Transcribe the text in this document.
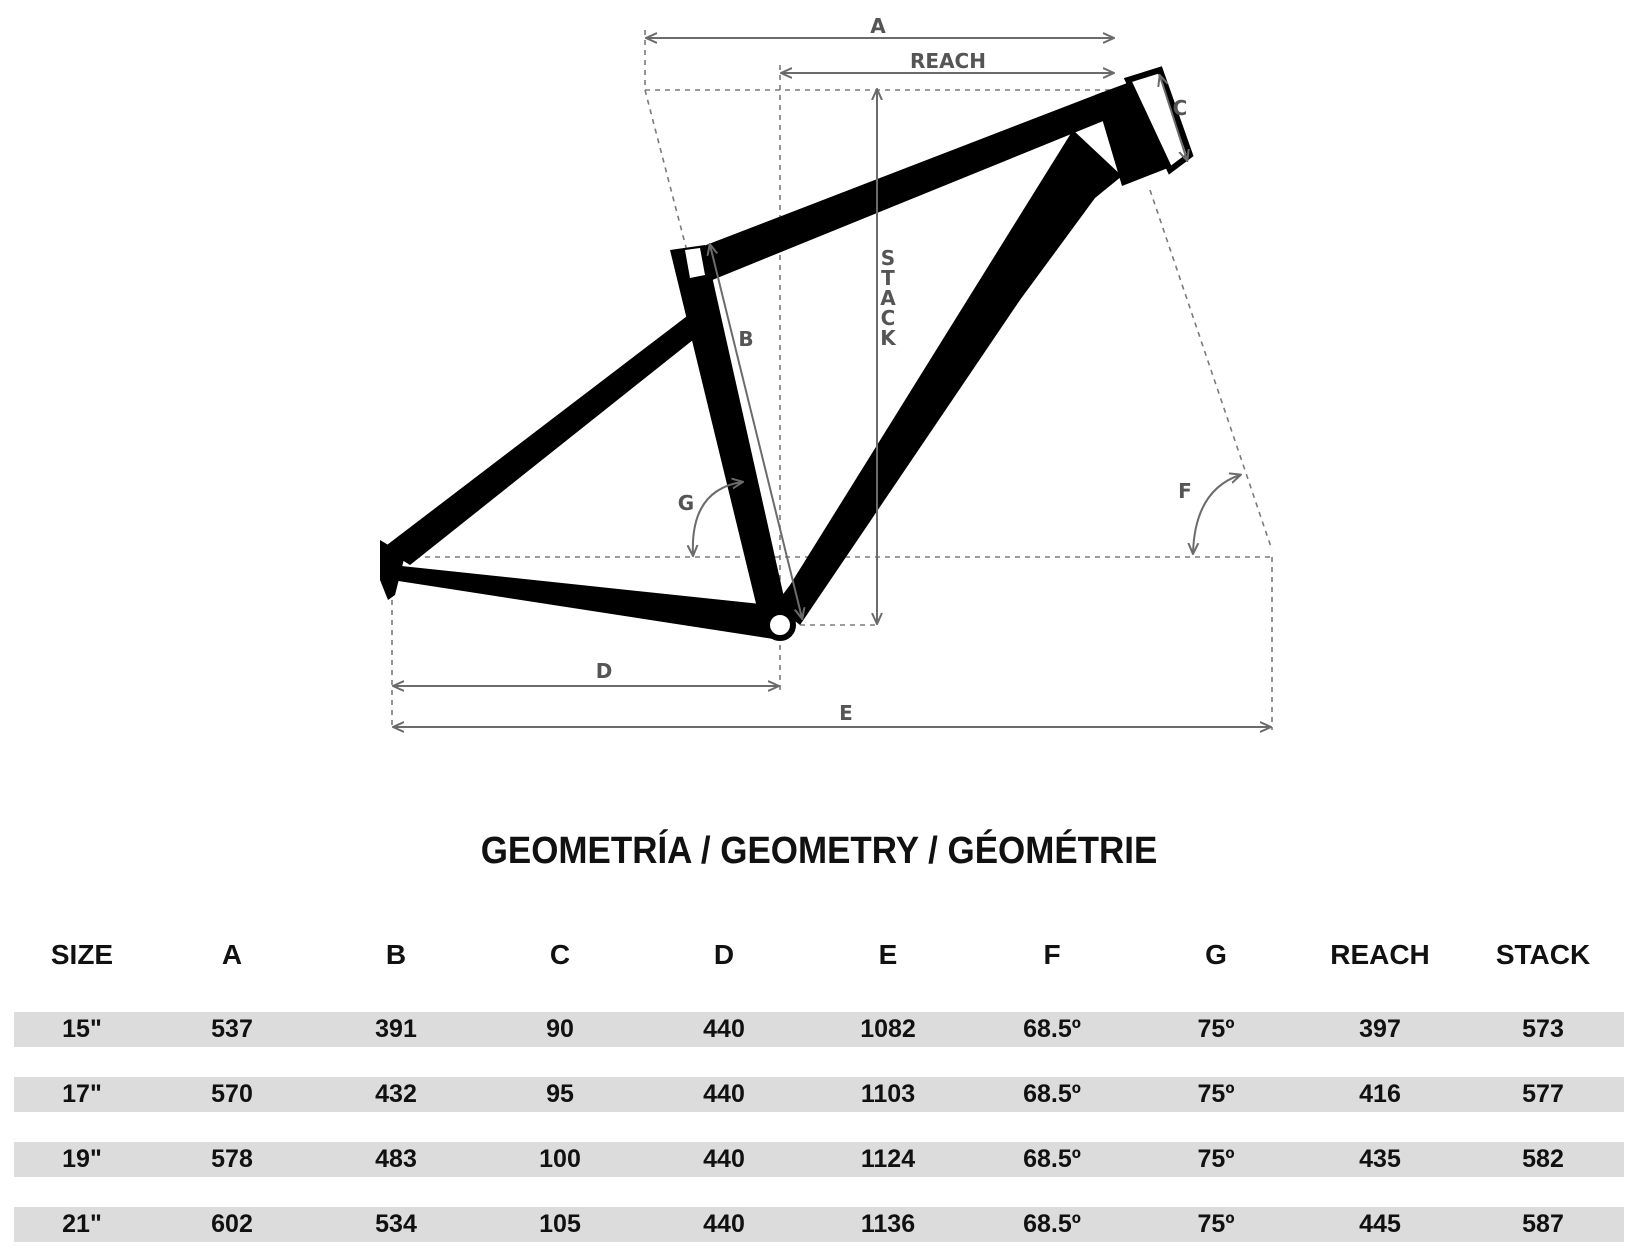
A
REACH
S
T
A
C
K
B
C
D
E
F
G
GEOMETRÍA / GEOMETRY / GÉOMÉTRIE
SIZE	A	B	C	D	E	F	G	REACH	STACK

15"	537	391	90	440	1082	68.5º	75º	397	573

17"	570	432	95	440	1103	68.5º	75º	416	577

19"	578	483	100	440	1124	68.5º	75º	435	582

21"	602	534	105	440	1136	68.5º	75º	445	587
